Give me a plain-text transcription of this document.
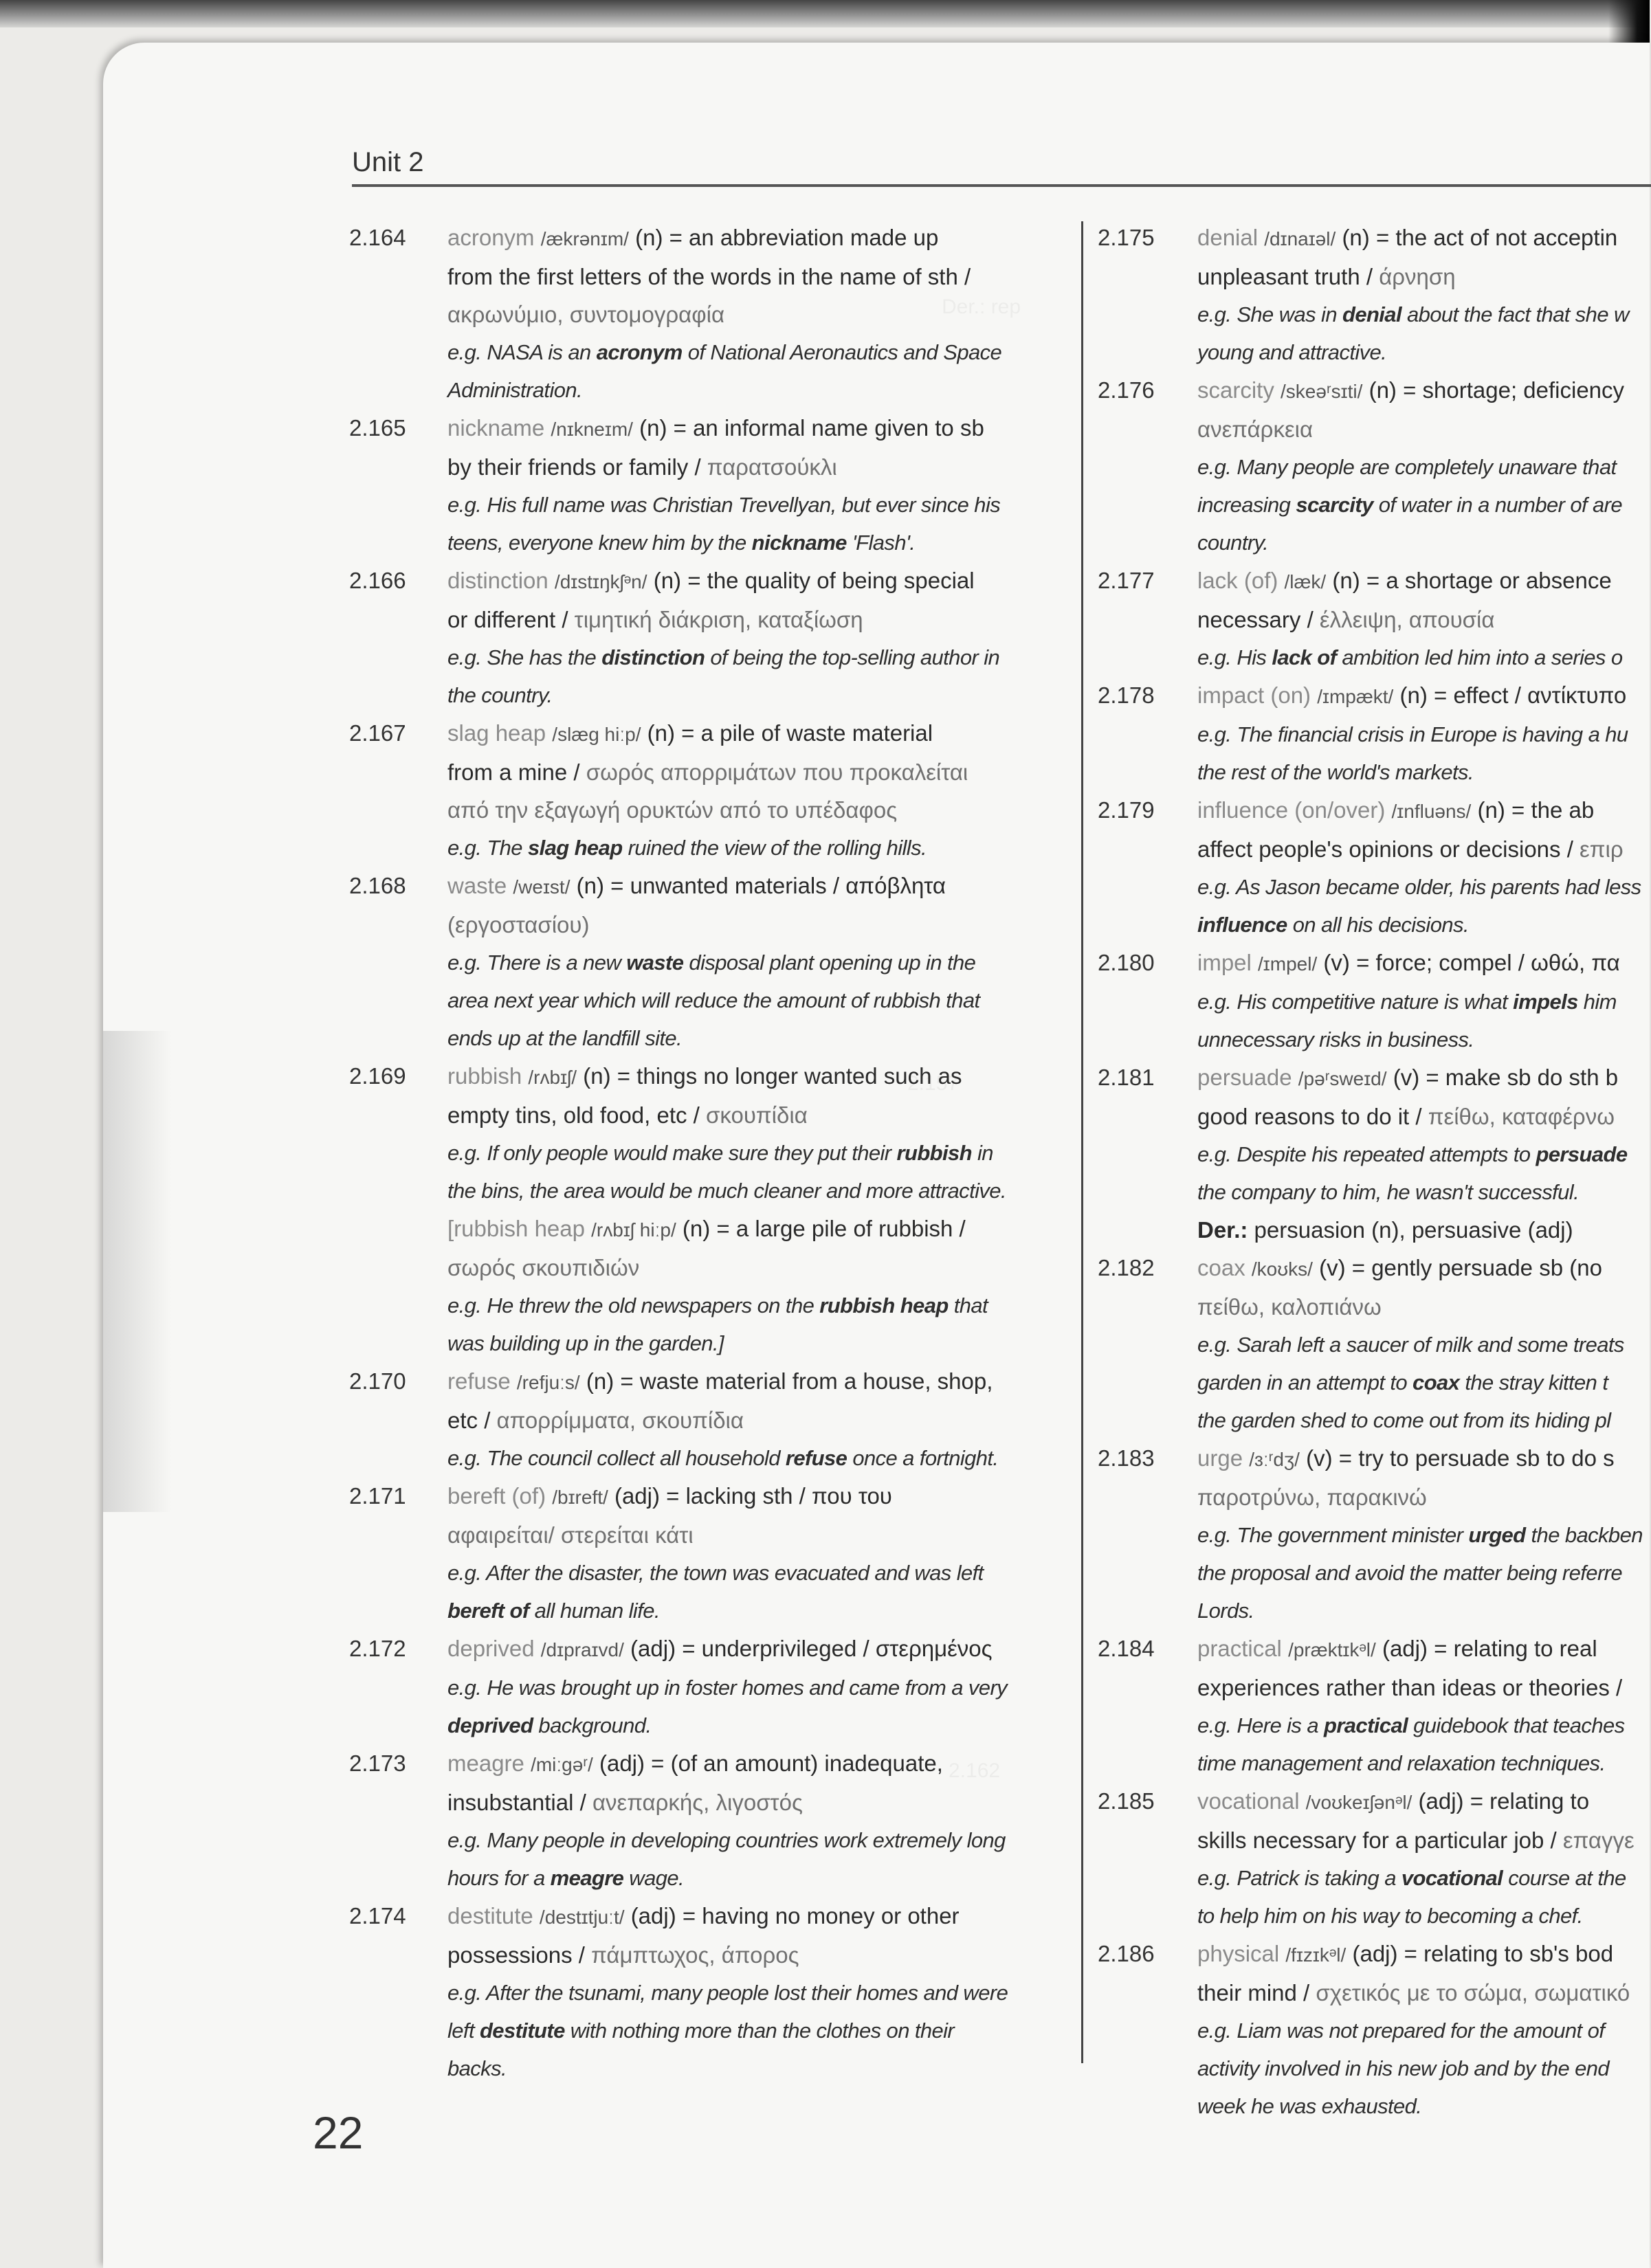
Unit 2
2.164 acronym /ækrənɪm/ (n) = an abbreviation made up
from the first letters of the words in the name of sth /
ακρωνύμιο, συντομογραφία
e.g. NASA is an acronym of National Aeronautics and Space
Administration.
2.165 nickname /nɪkneɪm/ (n) = an informal name given to sb
by their friends or family / παρατσούκλι
e.g. His full name was Christian Trevellyan, but ever since his
teens, everyone knew him by the nickname 'Flash'.
2.166 distinction /dɪstɪŋkʃᵊn/ (n) = the quality of being special
or different / τιμητική διάκριση, καταξίωση
e.g. She has the distinction of being the top-selling author in
the country.
2.167 slag heap /slæg hiːp/ (n) = a pile of waste material
from a mine / σωρός απορριμάτων που προκαλείται
από την εξαγωγή ορυκτών από το υπέδαφος
e.g. The slag heap ruined the view of the rolling hills.
2.168 waste /weɪst/ (n) = unwanted materials / απόβλητα
(εργοστασίου)
e.g. There is a new waste disposal plant opening up in the
area next year which will reduce the amount of rubbish that
ends up at the landfill site.
2.169 rubbish /rʌbɪʃ/ (n) = things no longer wanted such as
empty tins, old food, etc / σκουπίδια
e.g. If only people would make sure they put their rubbish in
the bins, the area would be much cleaner and more attractive.
[rubbish heap /rʌbɪʃ hiːp/ (n) = a large pile of rubbish /
σωρός σκουπιδιών
e.g. He threw the old newspapers on the rubbish heap that
was building up in the garden.]
2.170 refuse /refjuːs/ (n) = waste material from a house, shop,
etc / απορρίμματα, σκουπίδια
e.g. The council collect all household refuse once a fortnight.
2.171 bereft (of) /bɪreft/ (adj) = lacking sth / που του
αφαιρείται/ στερείται κάτι
e.g. After the disaster, the town was evacuated and was left
bereft of all human life.
2.172 deprived /dɪpraɪvd/ (adj) = underprivileged / στερημένος
e.g. He was brought up in foster homes and came from a very
deprived background.
2.173 meagre /miːgəʳ/ (adj) = (of an amount) inadequate,
insubstantial / ανεπαρκής, λιγοστός
e.g. Many people in developing countries work extremely long
hours for a meagre wage.
2.174 destitute /destɪtjuːt/ (adj) = having no money or other
possessions / πάμπτωχος, άπορος
e.g. After the tsunami, many people lost their homes and were
left destitute with nothing more than the clothes on their
backs.
2.175 denial /dɪnaɪəl/ (n) = the act of not acceptin
unpleasant truth / άρνηση
e.g. She was in denial about the fact that she w
young and attractive.
2.176 scarcity /skeəʳsɪti/ (n) = shortage; deficiency
ανεπάρκεια
e.g. Many people are completely unaware that
increasing scarcity of water in a number of are
country.
2.177 lack (of) /læk/ (n) = a shortage or absence
necessary / έλλειψη, απουσία
e.g. His lack of ambition led him into a series o
2.178 impact (on) /ɪmpækt/ (n) = effect / αντίκτυπο
e.g. The financial crisis in Europe is having a hu
the rest of the world's markets.
2.179 influence (on/over) /ɪnfluəns/ (n) = the ab
affect people's opinions or decisions / επιρ
e.g. As Jason became older, his parents had less
influence on all his decisions.
2.180 impel /ɪmpel/ (v) = force; compel / ωθώ, πα
e.g. His competitive nature is what impels him
unnecessary risks in business.
2.181 persuade /pəʳsweɪd/ (v) = make sb do sth b
good reasons to do it / πείθω, καταφέρνω
e.g. Despite his repeated attempts to persuade
the company to him, he wasn't successful.
Der.: persuasion (n), persuasive (adj)
2.182 coax /koʊks/ (v) = gently persuade sb (no
πείθω, καλοπιάνω
e.g. Sarah left a saucer of milk and some treats
garden in an attempt to coax the stray kitten t
the garden shed to come out from its hiding pl
2.183 urge /ɜːʳdʒ/ (v) = try to persuade sb to do s
παροτρύνω, παρακινώ
e.g. The government minister urged the backben
the proposal and avoid the matter being referre
Lords.
2.184 practical /præktɪkᵊl/ (adj) = relating to real
experiences rather than ideas or theories /
e.g. Here is a practical guidebook that teaches
time management and relaxation techniques.
2.185 vocational /voʊkeɪʃənᵊl/ (adj) = relating to
skills necessary for a particular job / επαγγε
e.g. Patrick is taking a vocational course at the
to help him on his way to becoming a chef.
2.186 physical /fɪzɪkᵊl/ (adj) = relating to sb's bod
their mind / σχετικός με το σώμα, σωματικό
e.g. Liam was not prepared for the amount of
activity involved in his new job and by the end
week he was exhausted.
22
